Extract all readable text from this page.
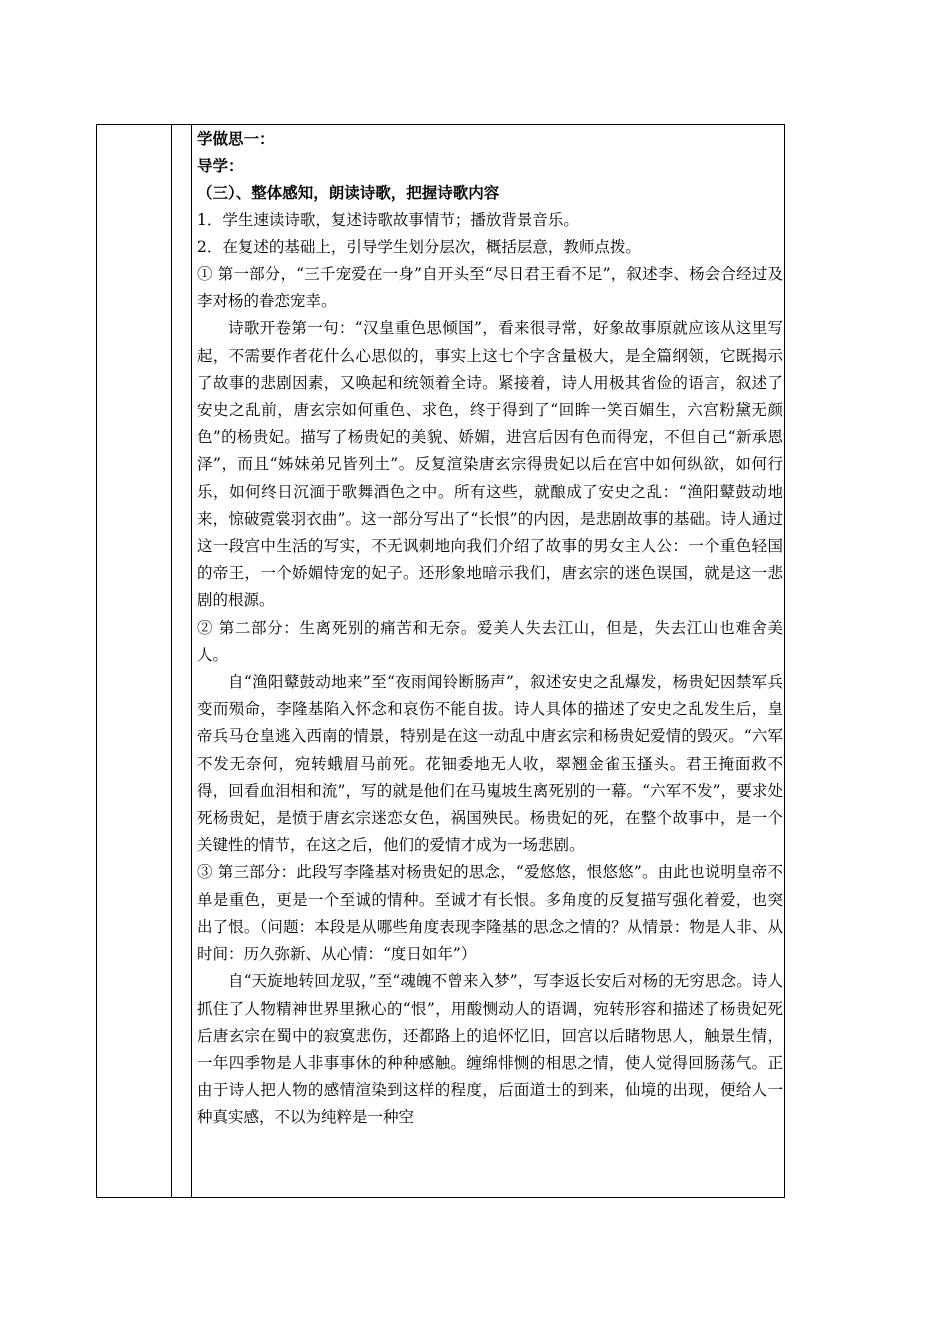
学做思一：

导学：

（三）、整体感知，朗读诗歌，把握诗歌内容

1．学生速读诗歌，复述诗歌故事情节；播放背景音乐。

2．在复述的基础上，引导学生划分层次，概括层意，教师点拨。

① 第一部分，“三千宠爱在一身”自开头至“尽日君王看不足”，叙述李、杨会合经过及李对杨的眷恋宠幸。

诗歌开卷第一句：“汉皇重色思倾国”，看来很寻常，好象故事原就应该从这里写起，不需要作者花什么心思似的，事实上这七个字含量极大，是全篇纲领，它既揭示了故事的悲剧因素，又唤起和统领着全诗。紧接着，诗人用极其省俭的语言，叙述了安史之乱前，唐玄宗如何重色、求色，终于得到了“回眸一笑百媚生，六宫粉黛无颜色”的杨贵妃。描写了杨贵妃的美貌、娇媚，进宫后因有色而得宠，不但自己“新承恩泽”，而且“姊妹弟兄皆列土”。反复渲染唐玄宗得贵妃以后在宫中如何纵欲，如何行乐，如何终日沉湎于歌舞酒色之中。所有这些，就酿成了安史之乱：“渔阳鼙鼓动地来，惊破霓裳羽衣曲”。这一部分写出了“长恨”的内因，是悲剧故事的基础。诗人通过这一段宫中生活的写实，不无讽刺地向我们介绍了故事的男女主人公：一个重色轻国的帝王，一个娇媚恃宠的妃子。还形象地暗示我们，唐玄宗的迷色误国，就是这一悲剧的根源。

② 第二部分：生离死别的痛苦和无奈。爱美人失去江山，但是，失去江山也难舍美人。

自“渔阳鼙鼓动地来”至“夜雨闻铃断肠声”，叙述安史之乱爆发，杨贵妃因禁军兵变而殒命，李隆基陷入怀念和哀伤不能自拔。诗人具体的描述了安史之乱发生后，皇帝兵马仓皇逃入西南的情景，特别是在这一动乱中唐玄宗和杨贵妃爱情的毁灭。“六军不发无奈何，宛转蛾眉马前死。花钿委地无人收，翠翘金雀玉搔头。君王掩面救不得，回看血泪相和流”，写的就是他们在马嵬坡生离死别的一幕。“六军不发”，要求处死杨贵妃，是愤于唐玄宗迷恋女色，祸国殃民。杨贵妃的死，在整个故事中，是一个关键性的情节，在这之后，他们的爱情才成为一场悲剧。

③ 第三部分：此段写李隆基对杨贵妃的思念，“爱悠悠，恨悠悠”。由此也说明皇帝不单是重色，更是一个至诚的情种。至诚才有长恨。多角度的反复描写强化着爱，也突出了恨。（问题：本段是从哪些角度表现李隆基的思念之情的？从情景：物是人非、从时间：历久弥新、从心情：“度日如年”）

自“天旋地转回龙驭，”至“魂魄不曾来入梦”，写李返长安后对杨的无穷思念。诗人抓住了人物精神世界里揪心的“恨”，用酸恻动人的语调，宛转形容和描述了杨贵妃死后唐玄宗在蜀中的寂寞悲伤，还都路上的追怀忆旧，回宫以后睹物思人，触景生情，一年四季物是人非事事休的种种感触。缠绵悱恻的相思之情，使人觉得回肠荡气。正由于诗人把人物的感情渲染到这样的程度，后面道士的到来，仙境的出现，便给人一种真实感，不以为纯粹是一种空
